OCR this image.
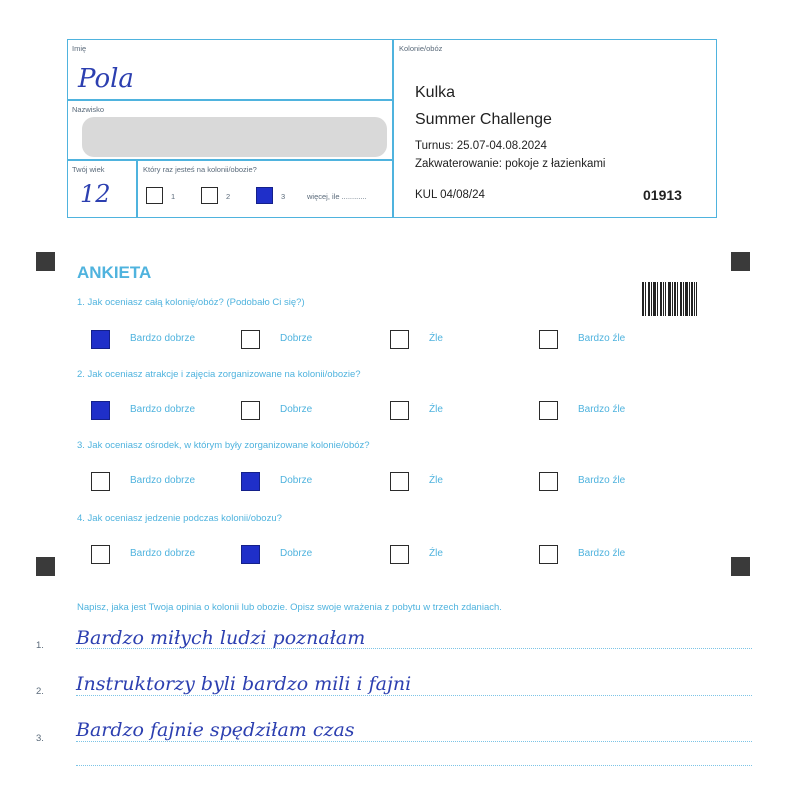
Imię
Pola
Nazwisko
Twój wiek
12
Który raz jesteś na kolonii/obozie?
1	2	3	więcej, ile ............
Kolonie/obóz
Kulka
Summer Challenge
Turnus: 25.07-04.08.2024
Zakwaterowanie: pokoje z łazienkami
KUL 04/08/24	01913
ANKIETA
1. Jak oceniasz całą kolonię/obóz? (Podobało Ci się?)
Bardzo dobrze	Dobrze	Źle	Bardzo źle
2. Jak oceniasz atrakcje i zajęcia zorganizowane na kolonii/obozie?
Bardzo dobrze	Dobrze	Źle	Bardzo źle
3. Jak oceniasz ośrodek, w którym były zorganizowane kolonie/obóz?
Bardzo dobrze	Dobrze	Źle	Bardzo źle
4. Jak oceniasz jedzenie podczas kolonii/obozu?
Bardzo dobrze	Dobrze	Źle	Bardzo źle
Napisz, jaka jest Twoja opinia o kolonii lub obozie. Opisz swoje wrażenia z pobytu w trzech zdaniach.
1. Bardzo miłych ludzi poznałam
2. Instruktorzy byli bardzo mili i fajni
3. Bardzo fajnie spędziłam czas
